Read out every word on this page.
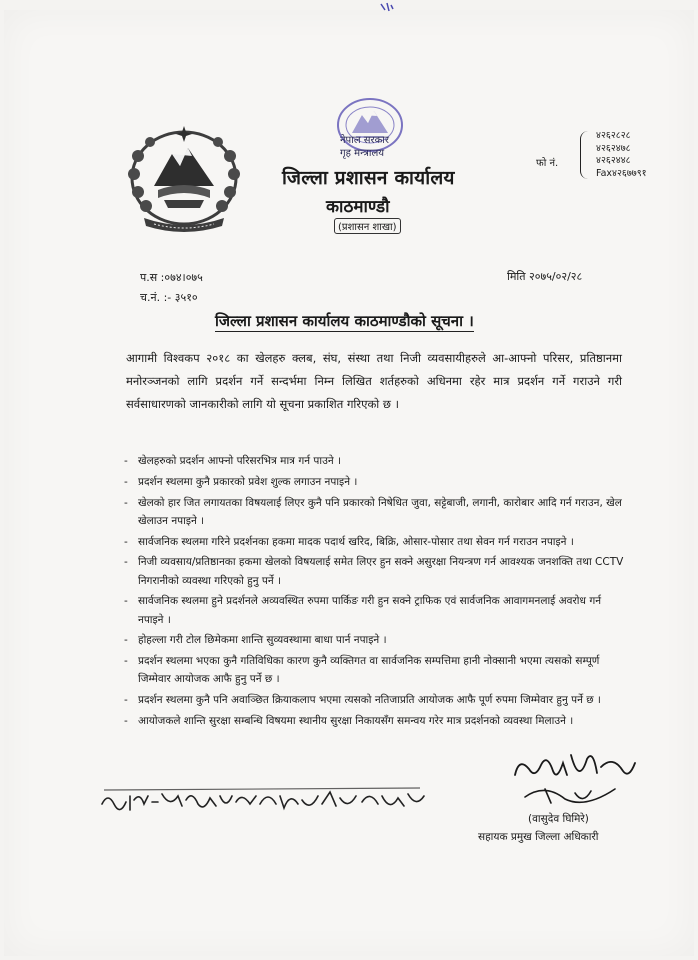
नेपाल सरकार
गृह मन्त्रालय
जिल्ला प्रशासन कार्यालय
काठमाण्डौ
(प्रशासन शाखा)
फो नं.
४२६२८२८
४२६२४७८
४२६२४४८
Fax४२६७७९१
प.स :०७४।०७५
च.नं. :- ३५१०
मिति २०७५/०२/२८
जिल्ला प्रशासन कार्यालय काठमाण्डौको सूचना ।
आगामी विश्वकप २०१८ का खेलहरु क्लब, संघ, संस्था तथा निजी व्यवसायीहरुले आ-आफ्नो परिसर, प्रतिष्ठानमा मनोरञ्जनको लागि प्रदर्शन गर्ने सन्दर्भमा निम्न लिखित शर्तहरुको अधिनमा रहेर मात्र प्रदर्शन गर्ने गराउने गरी सर्वसाधारणको जानकारीको लागि यो सूचना प्रकाशित गरिएको छ ।
- खेलहरुको प्रदर्शन आफ्नो परिसरभित्र मात्र गर्न पाउने ।
- प्रदर्शन स्थलमा कुनै प्रकारको प्रवेश शुल्क लगाउन नपाइने ।
- खेलको हार जित लगायतका विषयलाई लिएर कुनै पनि प्रकारको निषेधित जुवा, सट्टेबाजी, लगानी, कारोबार आदि गर्न गराउन, खेल खेलाउन नपाइने ।
- सार्वजनिक स्थलमा गरिने प्रदर्शनका हकमा मादक पदार्थ खरिद, बिक्रि, ओसार-पोसार तथा सेवन गर्न गराउन नपाइने ।
- निजी व्यवसाय/प्रतिष्ठानका हकमा खेलको विषयलाई समेत लिएर हुन सक्ने असुरक्षा नियन्त्रण गर्न आवश्यक जनशक्ति तथा CCTV निगरानीको व्यवस्था गरिएको हुनु पर्ने ।
- सार्वजनिक स्थलमा हुने प्रदर्शनले अव्यवस्थित रुपमा पार्किङ गरी हुन सक्ने ट्राफिक एवं सार्वजनिक आवागमनलाई अवरोध गर्न नपाइने ।
- होहल्ला गरी टोल छिमेकमा शान्ति सुव्यवस्थामा बाधा पार्न नपाइने ।
- प्रदर्शन स्थलमा भएका कुनै गतिविधिका कारण कुनै व्यक्तिगत वा सार्वजनिक सम्पत्तिमा हानी नोक्सानी भएमा त्यसको सम्पूर्ण जिम्मेवार आयोजक आफै हुनु पर्ने छ ।
- प्रदर्शन स्थलमा कुनै पनि अवाञ्छित क्रियाकलाप भएमा त्यसको नतिजाप्रति आयोजक आफै पूर्ण रुपमा जिम्मेवार हुनु पर्ने छ ।
- आयोजकले शान्ति सुरक्षा सम्बन्धि विषयमा स्थानीय सुरक्षा निकायसँग समन्वय गरेर मात्र प्रदर्शनको व्यवस्था मिलाउने ।
(वासुदेव घिमिरे)
सहायक प्रमुख जिल्ला अधिकारी
